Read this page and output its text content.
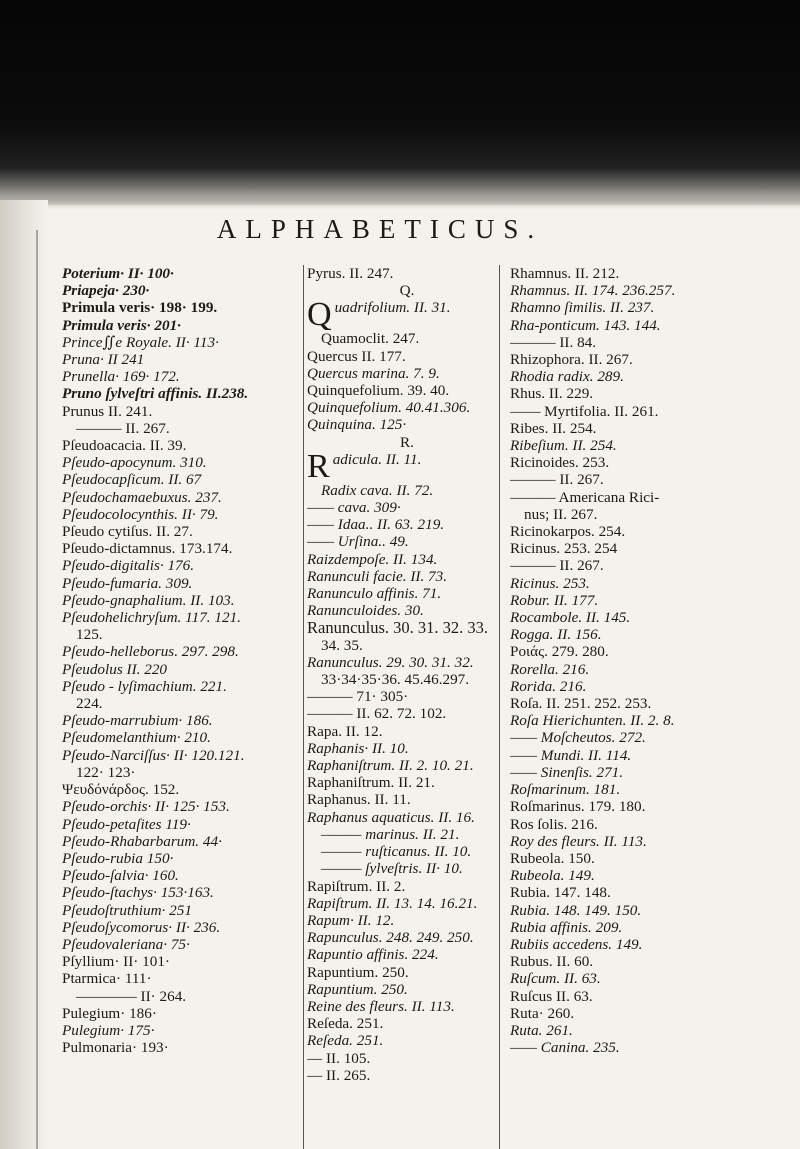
ALPHABETICUS.
Poterium· II· 100·
Priapeja· 230·
Primula veris· 198· 199.
Primula veris· 201·
Prince∬e Royale. II· 113·
Pruna· II 241
Prunella· 169· 172.
Pruno ſylveſtri affinis. II.238.
Prunus II. 241.
——— II. 267.
Pſeudoacacia. II. 39.
Pſeudo-apocynum. 310.
Pſeudocapſicum. II. 67
Pſeudochamaebuxus. 237.
Pſeudocolocynthis. II· 79.
Pſeudo cytiſus. II. 27.
Pſeudo-dictamnus. 173.174.
Pſeudo-digitalis· 176.
Pſeudo-fumaria. 309.
Pſeudo-gnaphalium. II. 103.
Pſeudohelichryſum. 117. 121.
125.
Pſeudo-helleborus. 297. 298.
Pſeudolus II. 220
Pſeudo - lyſimachium. 221.
224.
Pſeudo-marrubium· 186.
Pſeudomelanthium· 210.
Pſeudo-Narciſſus· II· 120.121.
122· 123·
Ψευδόνάρδος. 152.
Pſeudo-orchis· II· 125· 153.
Pſeudo-petaſites 119·
Pſeudo-Rhabarbarum. 44·
Pſeudo-rubia 150·
Pſeudo-ſalvia· 160.
Pſeudo-ſtachys· 153·163.
Pſeudoſtruthium· 251
Pſeudoſycomorus· II· 236.
Pſeudovaleriana· 75·
Pſyllium· II· 101·
Ptarmica· 111·
———— II· 264.
Pulegium· 186·
Pulegium· 175·
Pulmonaria· 193·
Pyrus. II. 247.
Q.
Quadrifolium. II. 31.
Quamoclit. 247.
Quercus II. 177.
Quercus marina. 7. 9.
Quinquefolium. 39. 40.
Quinquefolium. 40.41.306.
Quinquina. 125·
R.
Radicula. II. 11.
Radix cava. II. 72.
—— cava. 309·
—— Idaa.. II. 63. 219.
—— Urſina.. 49.
Raizdempoſe. II. 134.
Ranunculi facie. II. 73.
Ranunculo affinis. 71.
Ranunculoides. 30.
Ranunculus. 30. 31. 32. 33.
34. 35.
Ranunculus. 29. 30. 31. 32.
33·34·35·36. 45.46.297.
——— 71· 305·
——— II. 62. 72. 102.
Rapa. II. 12.
Raphanis· II. 10.
Raphaniſtrum. II. 2. 10. 21.
Raphaniſtrum. II. 21.
Raphanus. II. 11.
Raphanus aquaticus. II. 16.
——— marinus. II. 21.
——— ruſticanus. II. 10.
——— ſylveſtris. II· 10.
Rapiſtrum. II. 2.
Rapiſtrum. II. 13. 14. 16.21.
Rapum· II. 12.
Rapunculus. 248. 249. 250.
Rapuntio affinis. 224.
Rapuntium. 250.
Rapuntium. 250.
Reine des fleurs. II. 113.
Reſeda. 251.
Reſeda. 251.
— II. 105.
— II. 265.
Rhamnus. II. 212.
Rhamnus. II. 174. 236.257.
Rhamno ſimilis. II. 237.
Rha-ponticum. 143. 144.
——— II. 84.
Rhizophora. II. 267.
Rhodia radix. 289.
Rhus. II. 229.
—— Myrtifolia. II. 261.
Ribes. II. 254.
Ribeſium. II. 254.
Ricinoides. 253.
——— II. 267.
——— Americana Rici-
nus; II. 267.
Ricinokarpos. 254.
Ricinus. 253. 254
——— II. 267.
Ricinus. 253.
Robur. II. 177.
Rocambole. II. 145.
Rogga. II. 156.
Ροιάς. 279. 280.
Rorella. 216.
Rorida. 216.
Roſa. II. 251. 252. 253.
Roſa Hierichunten. II. 2. 8.
—— Moſcheutos. 272.
—— Mundi. II. 114.
—— Sinenſis. 271.
Roſmarinum. 181.
Roſmarinus. 179. 180.
Ros ſolis. 216.
Roy des fleurs. II. 113.
Rubeola. 150.
Rubeola. 149.
Rubia. 147. 148.
Rubia. 148. 149. 150.
Rubia affinis. 209.
Rubiis accedens. 149.
Rubus. II. 60.
Ruſcum. II. 63.
Ruſcus II. 63.
Ruta· 260.
Ruta. 261.
—— Canina. 235.
